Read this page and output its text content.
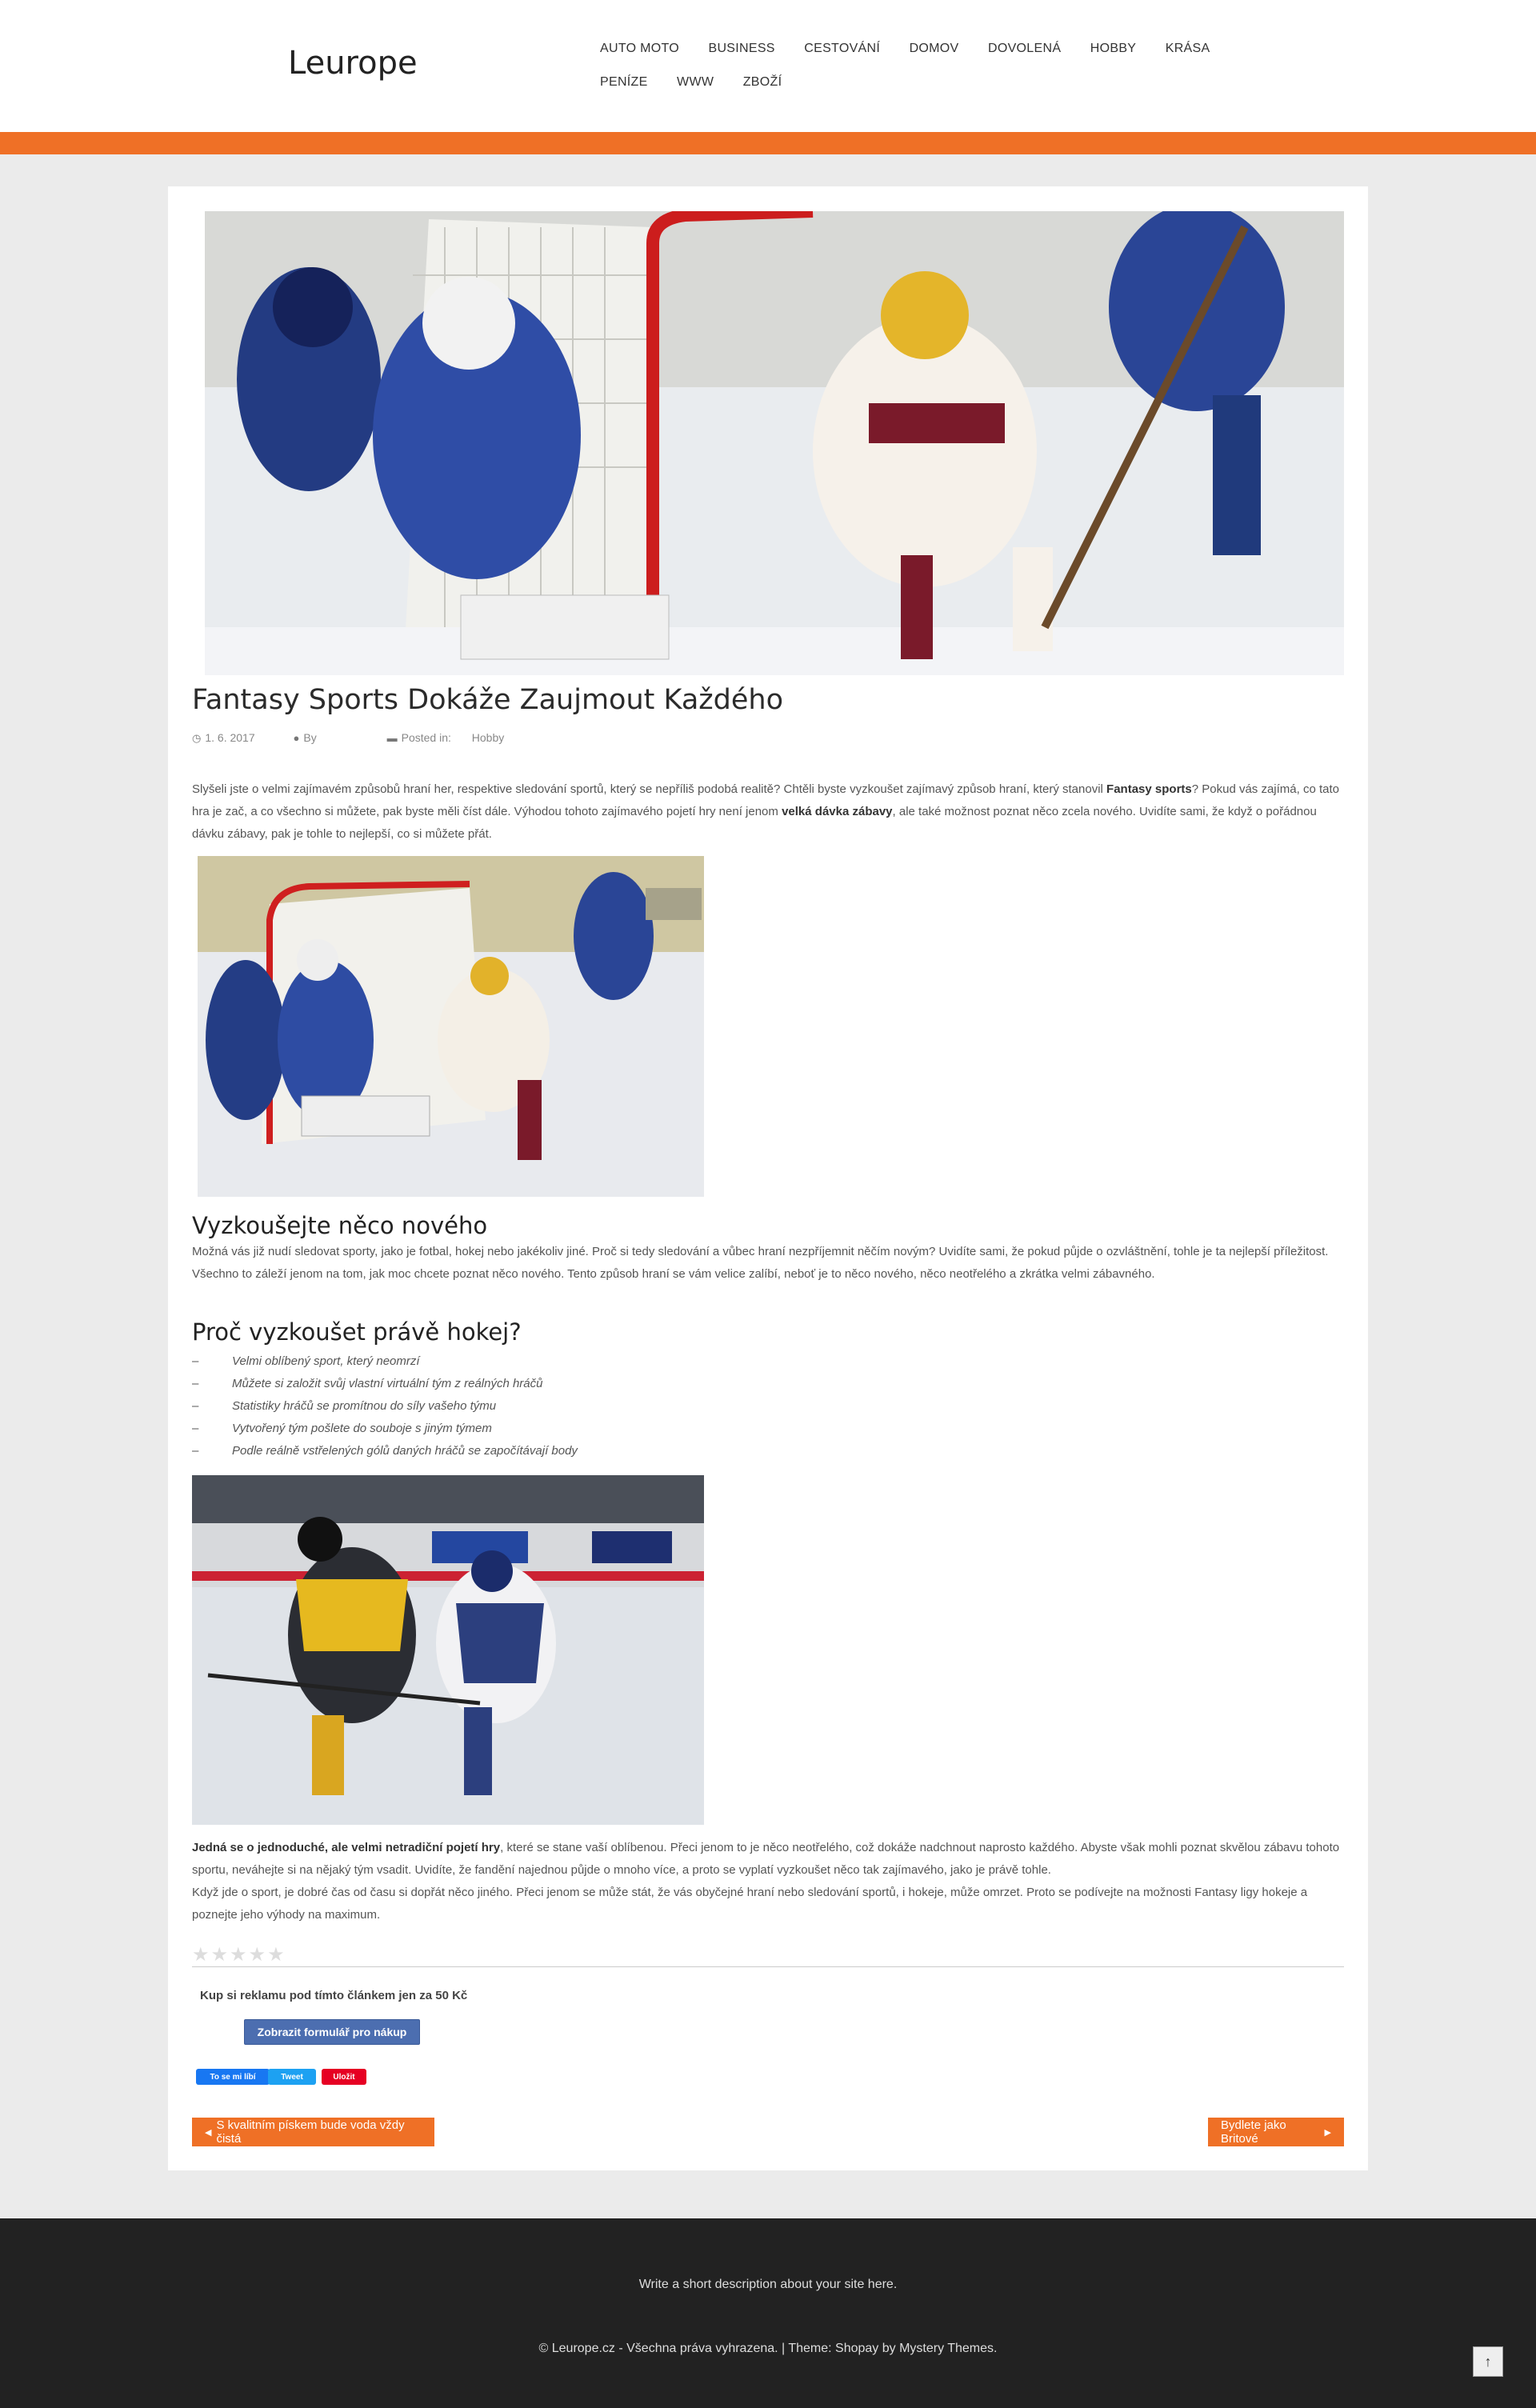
Leurope	AUTO MOTO BUSINESS CESTOVÁNÍ DOMOV DOVOLENÁ HOBBY KRÁSA
PENÍZE WWW ZBOŽÍ
Fantasy Sports Dokáže Zaujmout Každého
◷ 1. 6. 2017	● By	▬ Posted in: Hobby
Slyšeli jste o velmi zajímavém způsobů hraní her, respektive sledování sportů, který se nepříliš podobá realitě? Chtěli byste vyzkoušet zajímavý způsob hraní, který stanovil Fantasy sports? Pokud vás zajímá, co tato hra je zač, a co všechno si můžete, pak byste měli číst dále. Výhodou tohoto zajímavého pojetí hry není jenom velká dávka zábavy, ale také možnost poznat něco zcela nového. Uvidíte sami, že když o pořádnou dávku zábavy, pak je tohle to nejlepší, co si můžete přát.
Vyzkoušejte něco nového
Možná vás již nudí sledovat sporty, jako je fotbal, hokej nebo jakékoliv jiné. Proč si tedy sledování a vůbec hraní nezpříjemnit něčím novým? Uvidíte sami, že pokud půjde o ozvláštnění, tohle je ta nejlepší příležitost. Všechno to záleží jenom na tom, jak moc chcete poznat něco nového. Tento způsob hraní se vám velice zalíbí, neboť je to něco nového, něco neotřelého a zkrátka velmi zábavného.
Proč vyzkoušet právě hokej?
–	Velmi oblíbený sport, který neomrzí
–	Můžete si založit svůj vlastní virtuální tým z reálných hráčů
–	Statistiky hráčů se promítnou do síly vašeho týmu
–	Vytvořený tým pošlete do souboje s jiným týmem
–	Podle reálně vstřelených gólů daných hráčů se započítávají body
Jedná se o jednoduché, ale velmi netradiční pojetí hry, které se stane vaší oblíbenou. Přeci jenom to je něco neotřelého, což dokáže nadchnout naprosto každého. Abyste však mohli poznat skvělou zábavu tohoto sportu, neváhejte si na nějaký tým vsadit. Uvidíte, že fandění najednou půjde o mnoho více, a proto se vyplatí vyzkoušet něco tak zajímavého, jako je právě tohle.
Když jde o sport, je dobré čas od času si dopřát něco jiného. Přeci jenom se může stát, že vás obyčejné hraní nebo sledování sportů, i hokeje, může omrzet. Proto se podívejte na možnosti Fantasy ligy hokeje a poznejte jeho výhody na maximum.
★★★★★
Kup si reklamu pod tímto článkem jen za 50 Kč
Zobrazit formulář pro nákup
To se mi líbí	Tweet	Uložit
◀
S kvalitním pískem bude voda vždy čistá
Bydlete jako Britové	▶
Write a short description about your site here.
© Leurope.cz - Všechna práva vyhrazena. | Theme: Shopay by Mystery Themes.
↑
